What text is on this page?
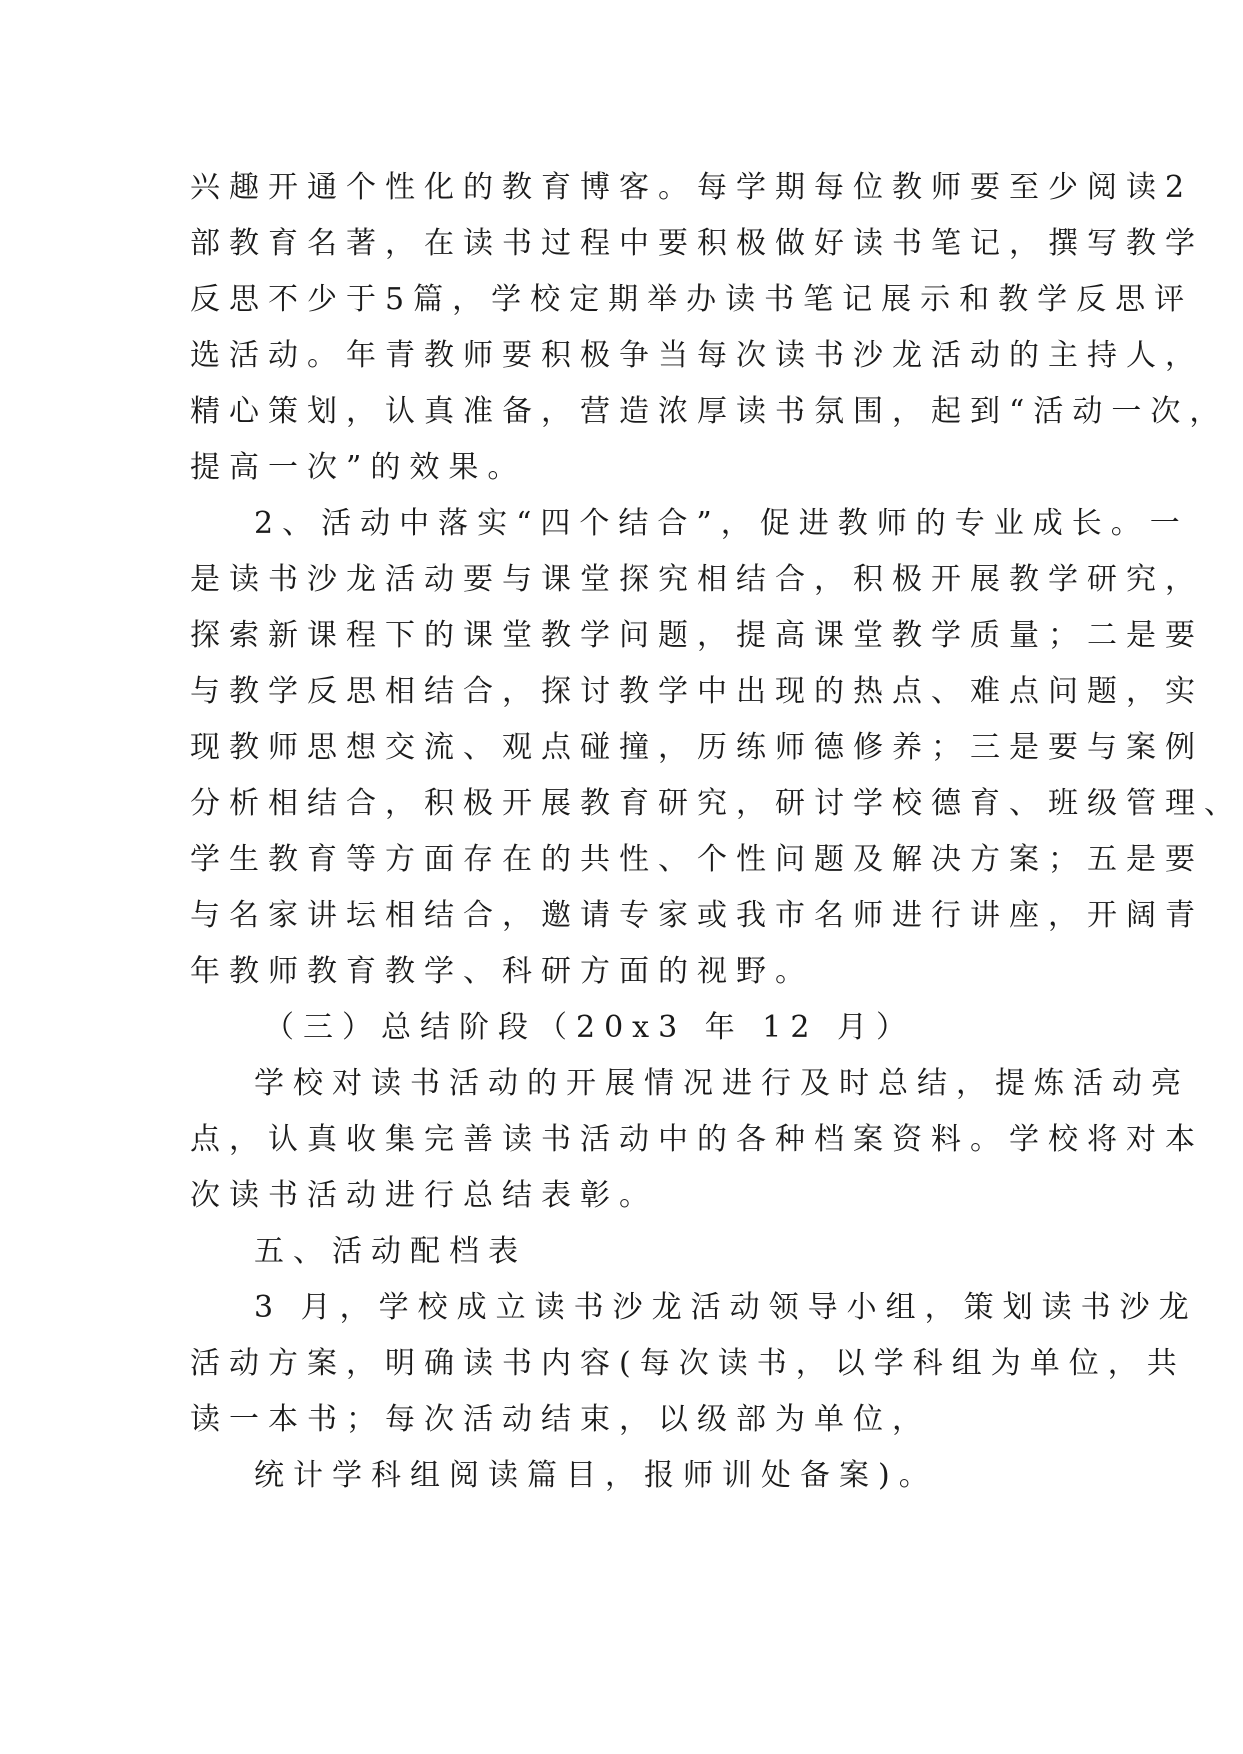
兴趣开通个性化的教育博客。每学期每位教师要至少阅读2
部教育名著，在读书过程中要积极做好读书笔记，撰写教学
反思不少于5篇，学校定期举办读书笔记展示和教学反思评
选活动。年青教师要积极争当每次读书沙龙活动的主持人，
精心策划，认真准备，营造浓厚读书氛围，起到“活动一次，
提高一次”的效果。
2、活动中落实“四个结合”，促进教师的专业成长。一
是读书沙龙活动要与课堂探究相结合，积极开展教学研究，
探索新课程下的课堂教学问题，提高课堂教学质量；二是要
与教学反思相结合，探讨教学中出现的热点、难点问题，实
现教师思想交流、观点碰撞，历练师德修养；三是要与案例
分析相结合，积极开展教育研究，研讨学校德育、班级管理、
学生教育等方面存在的共性、个性问题及解决方案；五是要
与名家讲坛相结合，邀请专家或我市名师进行讲座，开阔青
年教师教育教学、科研方面的视野。
（三）总结阶段（20x3 年 12 月）
学校对读书活动的开展情况进行及时总结，提炼活动亮
点，认真收集完善读书活动中的各种档案资料。学校将对本
次读书活动进行总结表彰。
五、活动配档表
3 月，学校成立读书沙龙活动领导小组，策划读书沙龙
活动方案，明确读书内容(每次读书，以学科组为单位，共
读一本书；每次活动结束，以级部为单位，
统计学科组阅读篇目，报师训处备案)。
